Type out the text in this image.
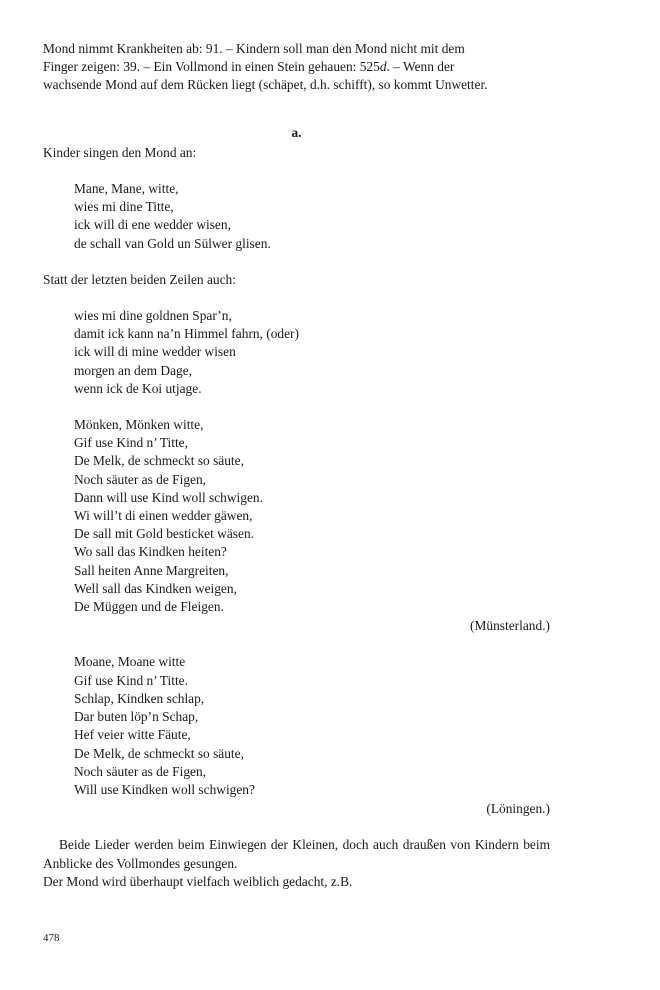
Mond nimmt Krankheiten ab: 91. – Kindern soll man den Mond nicht mit dem
Finger zeigen: 39. – Ein Vollmond in einen Stein gehauen: 525d. – Wenn der
wachsende Mond auf dem Rücken liegt (schäpet, d.h. schifft), so kommt Unwetter.
a.
Kinder singen den Mond an:
Mane, Mane, witte,
wies mi dine Titte,
ick will di ene wedder wisen,
de schall van Gold un Sülwer glisen.
Statt der letzten beiden Zeilen auch:
wies mi dine goldnen Spar’n,
damit ick kann na’n Himmel fahrn, (oder)
ick will di mine wedder wisen
morgen an dem Dage,
wenn ick de Koi utjage.
Mönken, Mönken witte,
Gif use Kind n’ Titte,
De Melk, de schmeckt so säute,
Noch säuter as de Figen,
Dann will use Kind woll schwigen.
Wi will’t di einen wedder gäwen,
De sall mit Gold besticket wäsen.
Wo sall das Kindken heiten?
Sall heiten Anne Margreiten,
Well sall das Kindken weigen,
De Müggen und de Fleigen.
(Münsterland.)
Moane, Moane witte
Gif use Kind n’ Titte.
Schlap, Kindken schlap,
Dar buten löp’n Schap,
Hef veier witte Fäute,
De Melk, de schmeckt so säute,
Noch säuter as de Figen,
Will use Kindken woll schwigen?
(Löningen.)
Beide Lieder werden beim Einwiegen der Kleinen, doch auch draußen von Kindern beim Anblicke des Vollmondes gesungen.
Der Mond wird überhaupt vielfach weiblich gedacht, z.B.
478
